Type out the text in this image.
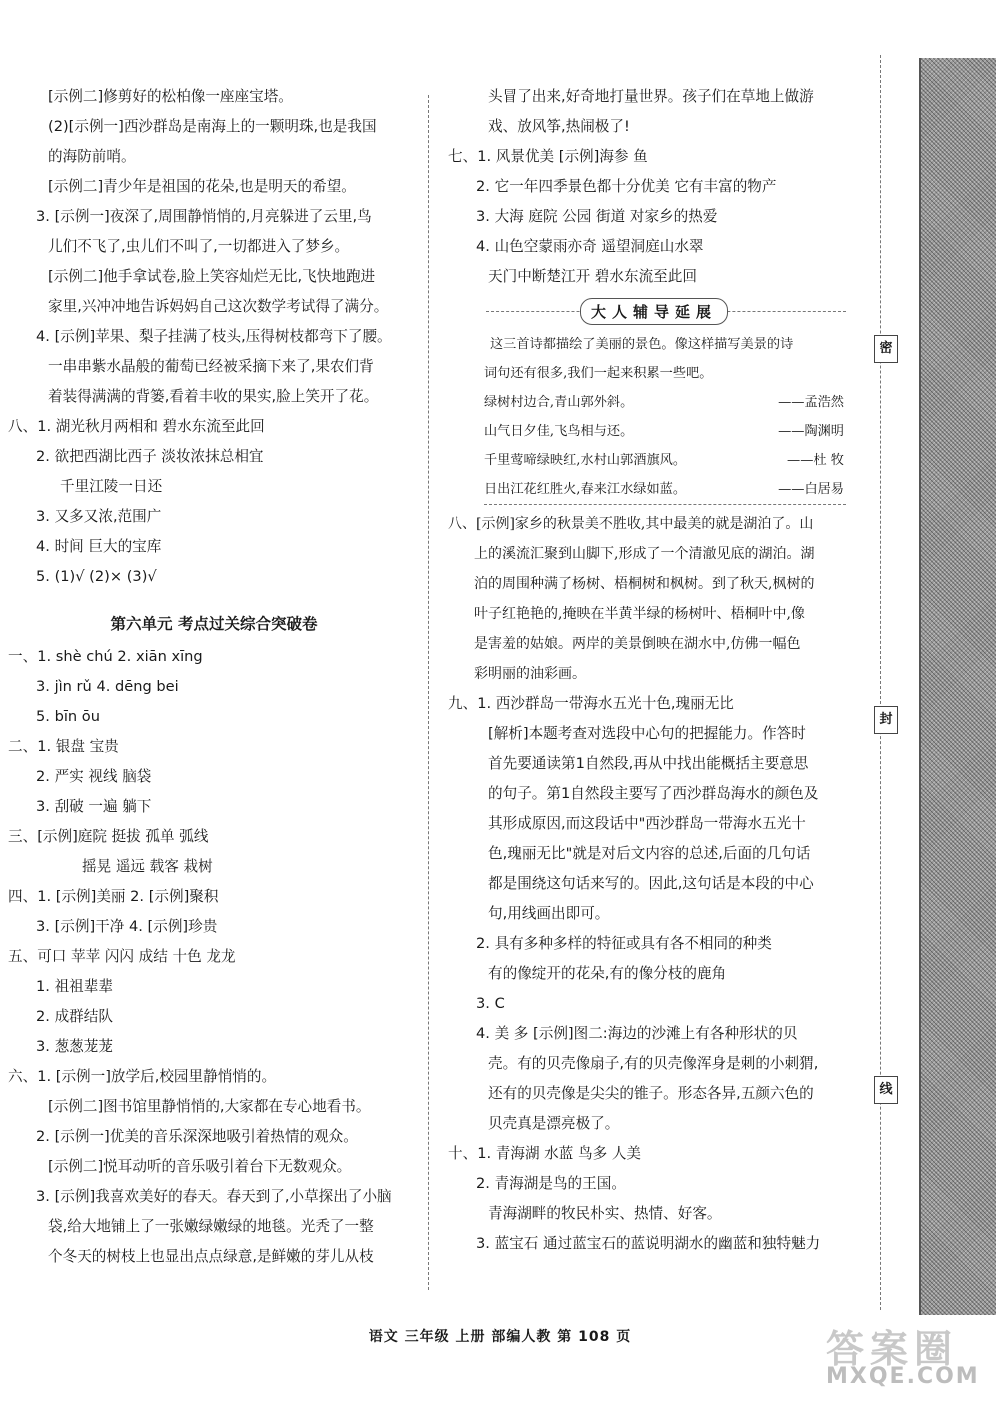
[示例二]修剪好的松柏像一座座宝塔。
(2)[示例一]西沙群岛是南海上的一颗明珠,也是我国
的海防前哨。
[示例二]青少年是祖国的花朵,也是明天的希望。
3. [示例一]夜深了,周围静悄悄的,月亮躲进了云里,鸟
儿们不飞了,虫儿们不叫了,一切都进入了梦乡。
[示例二]他手拿试卷,脸上笑容灿烂无比,飞快地跑进
家里,兴冲冲地告诉妈妈自己这次数学考试得了满分。
4. [示例]苹果、梨子挂满了枝头,压得树枝都弯下了腰。
一串串紫水晶般的葡萄已经被采摘下来了,果农们背
着装得满满的背篓,看着丰收的果实,脸上笑开了花。
八、1. 湖光秋月两相和 碧水东流至此回
2. 欲把西湖比西子 淡妆浓抹总相宜
千里江陵一日还
3. 又多又浓,范围广
4. 时间 巨大的宝库
5. (1)√ (2)× (3)√
第六单元 考点过关综合突破卷
一、1. shè chú 2. xiān xīng
3. jìn rǔ 4. dēng bei
5. bīn ōu
二、1. 银盘 宝贵
2. 严实 视线 脑袋
3. 刮破 一遍 躺下
三、[示例]庭院 挺拔 孤单 弧线
摇晃 遥远 载客 栽树
四、1. [示例]美丽 2. [示例]聚积
3. [示例]干净 4. [示例]珍贵
五、可口 苹苹 闪闪 成结 十色 龙龙
1. 祖祖辈辈
2. 成群结队
3. 葱葱茏茏
六、1. [示例一]放学后,校园里静悄悄的。
[示例二]图书馆里静悄悄的,大家都在专心地看书。
2. [示例一]优美的音乐深深地吸引着热情的观众。
[示例二]悦耳动听的音乐吸引着台下无数观众。
3. [示例]我喜欢美好的春天。春天到了,小草探出了小脑
袋,给大地铺上了一张嫩绿嫩绿的地毯。光秃了一整
个冬天的树枝上也显出点点绿意,是鲜嫩的芽儿从枝
头冒了出来,好奇地打量世界。孩子们在草地上做游
戏、放风筝,热闹极了!
七、1. 风景优美 [示例]海参 鱼
2. 它一年四季景色都十分优美 它有丰富的物产
3. 大海 庭院 公园 街道 对家乡的热爱
4. 山色空蒙雨亦奇 遥望洞庭山水翠
天门中断楚江开 碧水东流至此回
大人辅导延展
这三首诗都描绘了美丽的景色。像这样描写美景的诗
词句还有很多,我们一起来积累一些吧。
绿树村边合,青山郭外斜。	——孟浩然
山气日夕佳,飞鸟相与还。	——陶渊明
千里莺啼绿映红,水村山郭酒旗风。	——杜 牧
日出江花红胜火,春来江水绿如蓝。	——白居易
八、[示例]家乡的秋景美不胜收,其中最美的就是湖泊了。山
上的溪流汇聚到山脚下,形成了一个清澈见底的湖泊。湖
泊的周围种满了杨树、梧桐树和枫树。到了秋天,枫树的
叶子红艳艳的,掩映在半黄半绿的杨树叶、梧桐叶中,像
是害羞的姑娘。两岸的美景倒映在湖水中,仿佛一幅色
彩明丽的油彩画。
九、1. 西沙群岛一带海水五光十色,瑰丽无比
[解析]本题考查对选段中心句的把握能力。作答时
首先要通读第1自然段,再从中找出能概括主要意思
的句子。第1自然段主要写了西沙群岛海水的颜色及
其形成原因,而这段话中"西沙群岛一带海水五光十
色,瑰丽无比"就是对后文内容的总述,后面的几句话
都是围绕这句话来写的。因此,这句话是本段的中心
句,用线画出即可。
2. 具有多种多样的特征或具有各不相同的种类
有的像绽开的花朵,有的像分枝的鹿角
3. C
4. 美 多 [示例]图二:海边的沙滩上有各种形状的贝
壳。有的贝壳像扇子,有的贝壳像浑身是刺的小刺猬,
还有的贝壳像是尖尖的锥子。形态各异,五颜六色的
贝壳真是漂亮极了。
十、1. 青海湖 水蓝 鸟多 人美
2. 青海湖是鸟的王国。
青海湖畔的牧民朴实、热情、好客。
3. 蓝宝石 通过蓝宝石的蓝说明湖水的幽蓝和独特魅力
密
封
线
语文 三年级 上册 部编人教 第 108 页	答案圈
MXQE.COM
